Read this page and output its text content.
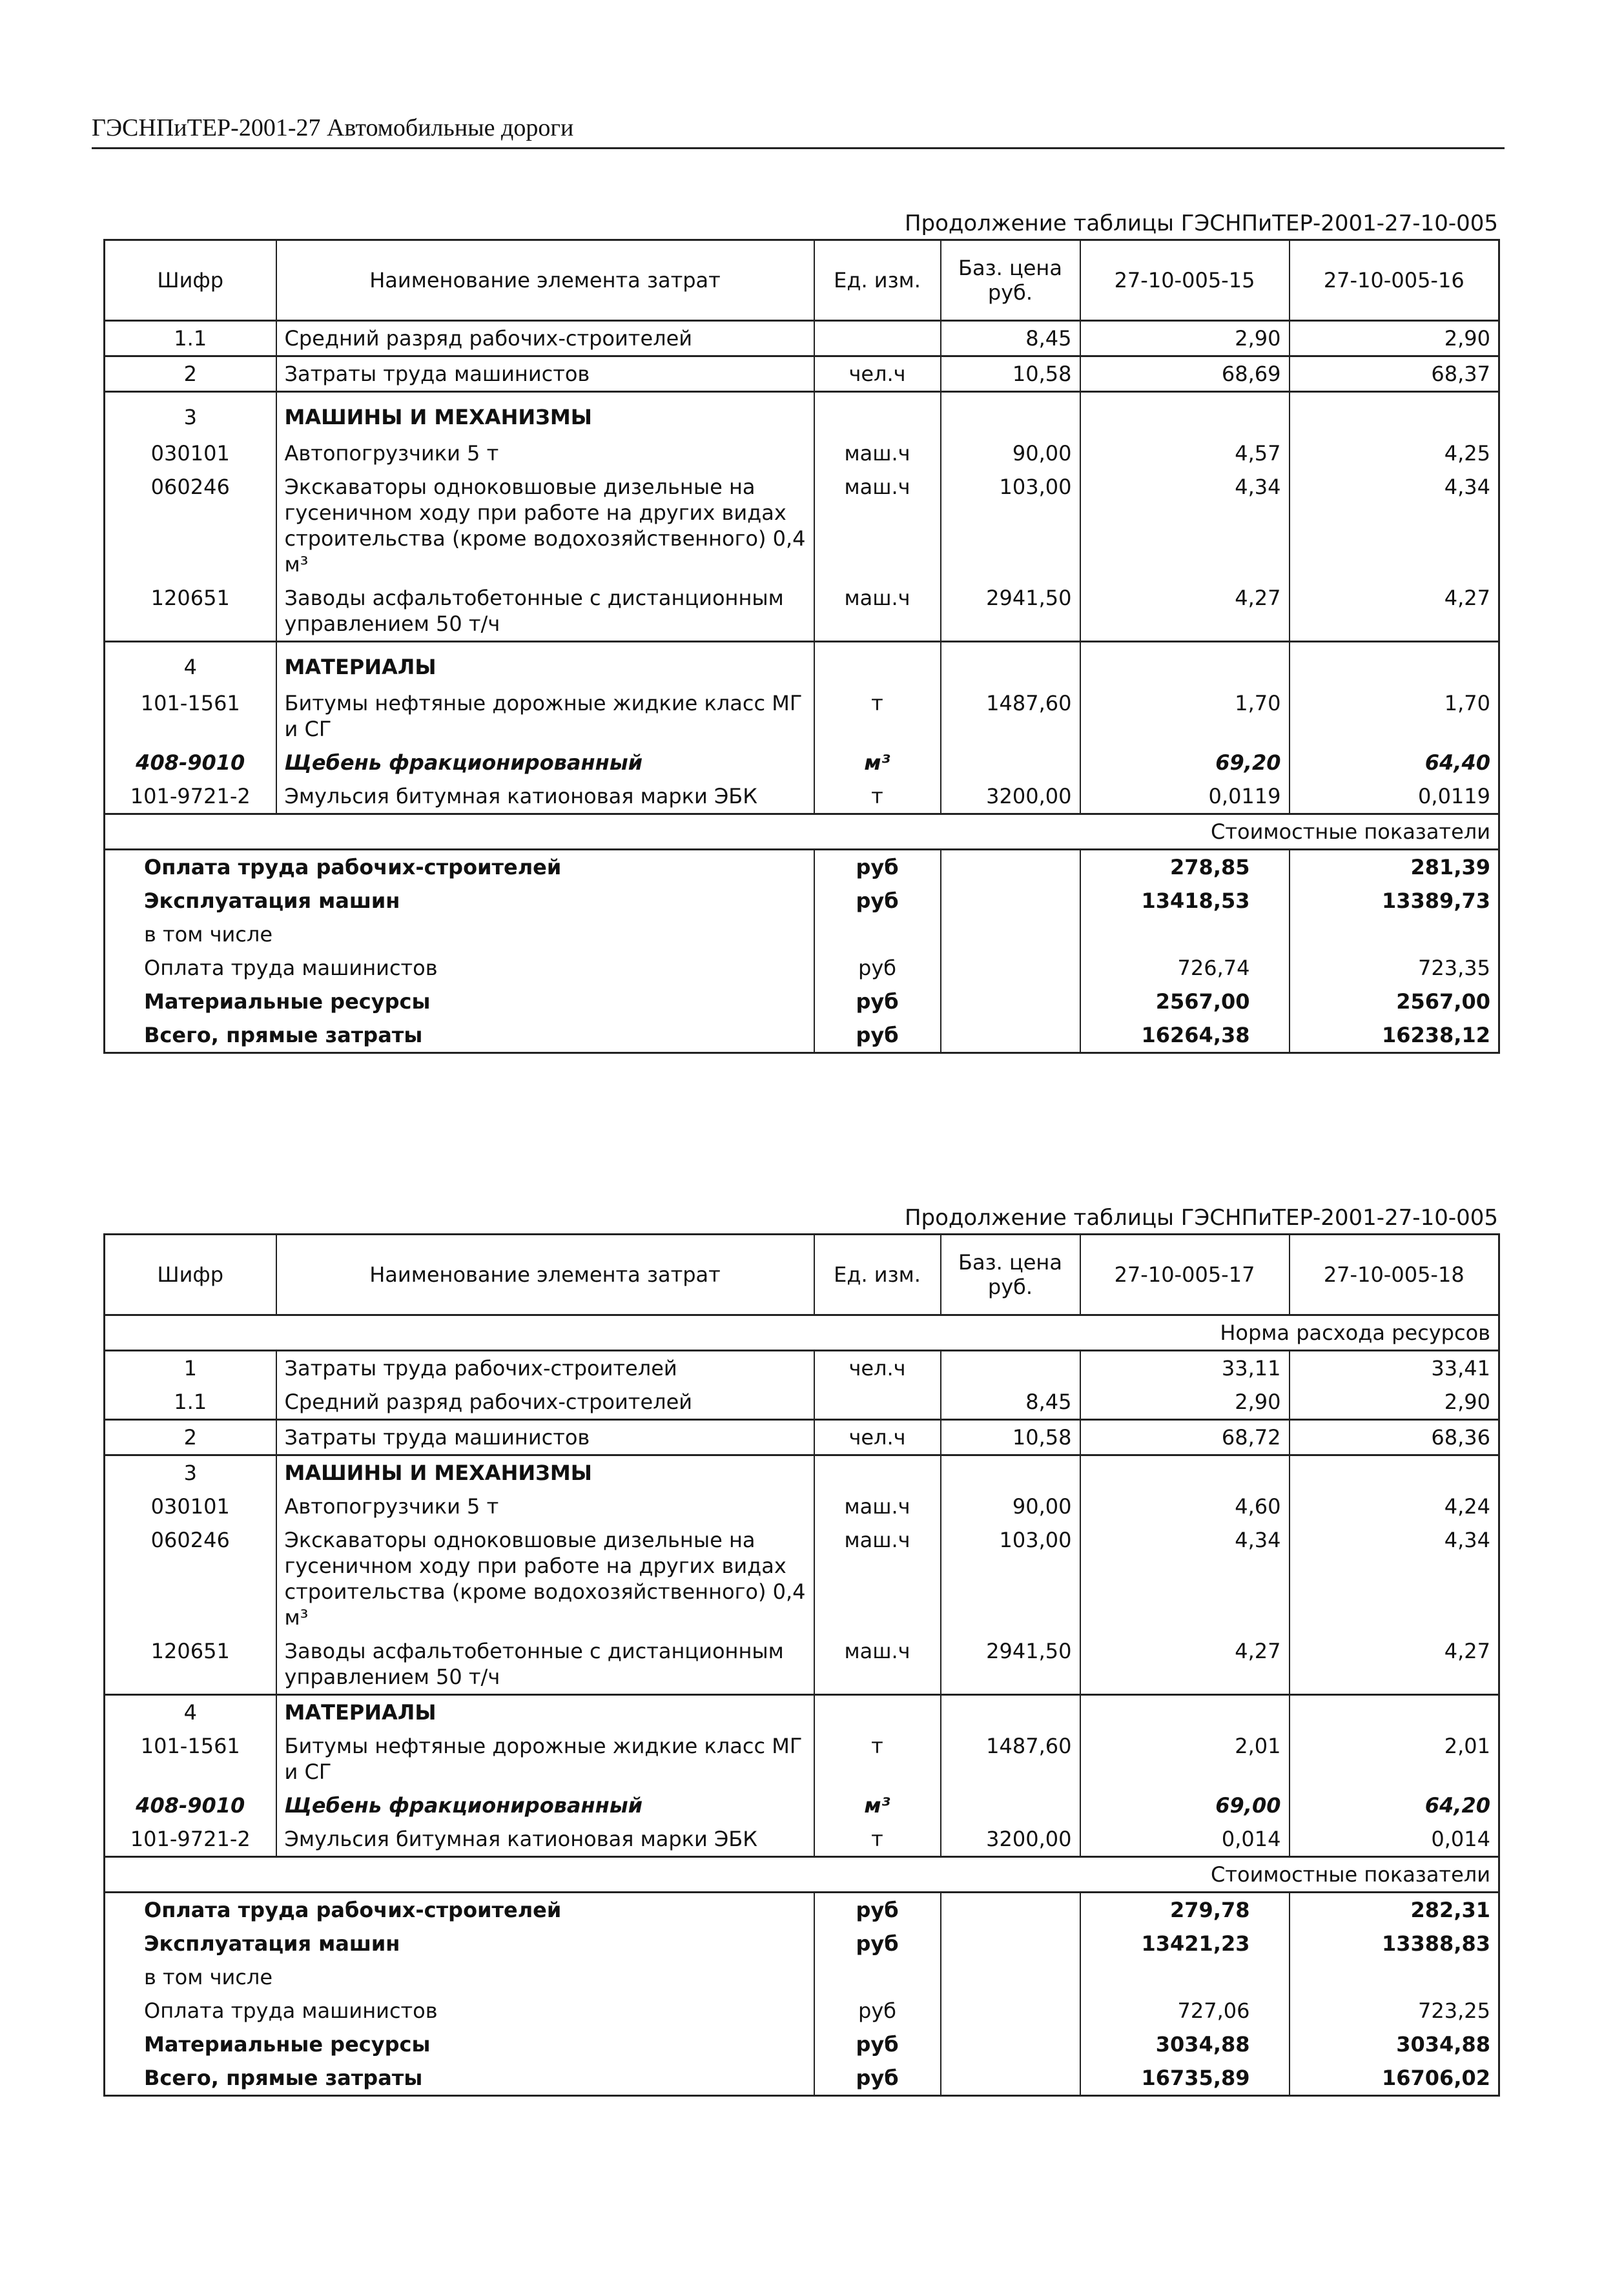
ГЭСНПиТЕР-2001-27 Автомобильные дороги
Продолжение таблицы ГЭСНПиТЕР-2001-27-10-005
Шифр	Наименование элемента затрат	Ед. изм.	Баз. цена руб.	27-10-005-15	27-10-005-16
1.1	Средний разряд рабочих-строителей		8,45	2,90	2,90
2	Затраты труда машинистов	чел.ч	10,58	68,69	68,37
3	МАШИНЫ И МЕХАНИЗМЫ				
030101	Автопогрузчики 5 т	маш.ч	90,00	4,57	4,25
060246	Экскаваторы одноковшовые дизельные на гусеничном ходу при работе на других видах строительства (кроме водохозяйственного) 0,4 м³	маш.ч	103,00	4,34	4,34
120651	Заводы асфальтобетонные с дистанционным управлением 50 т/ч	маш.ч	2941,50	4,27	4,27
4	МАТЕРИАЛЫ				
101-1561	Битумы нефтяные дорожные жидкие класс МГ и СГ	т	1487,60	1,70	1,70
408-9010	Щебень фракционированный	м³		69,20	64,40
101-9721-2	Эмульсия битумная катионовая марки ЭБК	т	3200,00	0,0119	0,0119
Стоимостные показатели					
Оплата труда рабочих-строителей		руб		278,85	281,39
Эксплуатация машин		руб		13418,53	13389,73
в том числе					
Оплата труда машинистов		руб		726,74	723,35
Материальные ресурсы		руб		2567,00	2567,00
Всего, прямые затраты		руб		16264,38	16238,12
Продолжение таблицы ГЭСНПиТЕР-2001-27-10-005
Шифр	Наименование элемента затрат	Ед. изм.	Баз. цена руб.	27-10-005-17	27-10-005-18
Норма расхода ресурсов					
1	Затраты труда рабочих-строителей	чел.ч		33,11	33,41
1.1	Средний разряд рабочих-строителей		8,45	2,90	2,90
2	Затраты труда машинистов	чел.ч	10,58	68,72	68,36
3	МАШИНЫ И МЕХАНИЗМЫ				
030101	Автопогрузчики 5 т	маш.ч	90,00	4,60	4,24
060246	Экскаваторы одноковшовые дизельные на гусеничном ходу при работе на других видах строительства (кроме водохозяйственного) 0,4 м³	маш.ч	103,00	4,34	4,34
120651	Заводы асфальтобетонные с дистанционным управлением 50 т/ч	маш.ч	2941,50	4,27	4,27
4	МАТЕРИАЛЫ				
101-1561	Битумы нефтяные дорожные жидкие класс МГ и СГ	т	1487,60	2,01	2,01
408-9010	Щебень фракционированный	м³		69,00	64,20
101-9721-2	Эмульсия битумная катионовая марки ЭБК	т	3200,00	0,014	0,014
Стоимостные показатели					
Оплата труда рабочих-строителей		руб		279,78	282,31
Эксплуатация машин		руб		13421,23	13388,83
в том числе					
Оплата труда машинистов		руб		727,06	723,25
Материальные ресурсы		руб		3034,88	3034,88
Всего, прямые затраты		руб		16735,89	16706,02
